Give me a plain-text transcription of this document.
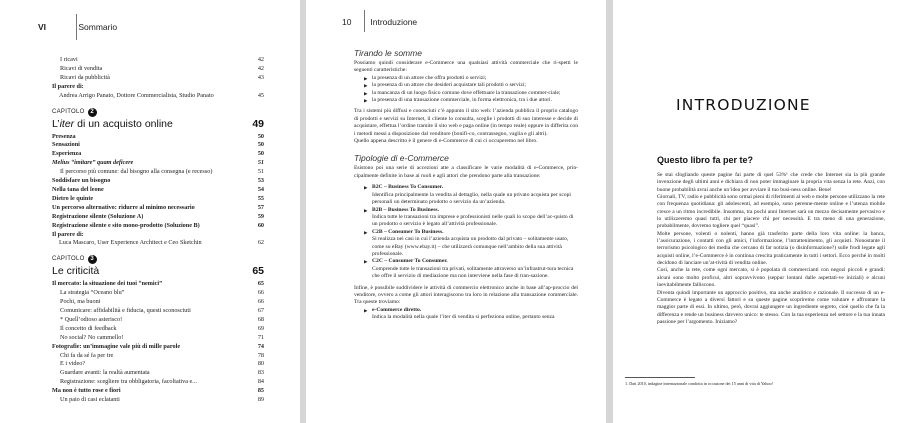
VI	Sommario
I ricavi	42
Ricavi di vendita	42
Ricavi da pubblicità	43
Il parere di:
Andrea Arrigo Panato, Dottore Commercialista, Studio Panato	45
CAPITOLO 2
L’iter di un acquisto online	49
Presenza	50
Sensazioni	50
Esperienza	50
Melius “imitare” quam deficere	51
Il percorso più comune: dal bisogno alla consegna (e recesso)	51
Soddisfare un bisogno	53
Nella tana del leone	54
Dietro le quinte	55
Un percorso alternativo: ridurre al minimo necessario	57
Registrazione silente (Soluzione A)	59
Registrazione silente e sito mono-prodotto (Soluzione B)	60
Il parere di:
Luca Mascaro, User Experience Architect e Ceo Sketchin	62
CAPITOLO 3
Le criticità	65
Il mercato: la situazione dei tuoi “nemici”	65
La strategia “Oceano blu”	66
Pochi, ma buoni	66
Comunicare: affidabilità e fiducia, questi sconosciuti	67
* Quell’odioso asterisco!	68
Il concetto di feedback	69
No social? No cammello!	71
Fotografie: un’immagine vale più di mille parole	74
Chi fa da sé fa per tre	78
E i video?	80
Guardare avanti: la realtà aumentata	83
Registrazione: scegliere tra obbligatoria, facoltativa e...	84
Ma non è tutto rose e fiori	85
Un paio di casi eclatanti	89
10 Introduzione
Tirando le somme

Possiamo quindi considerare e-Commerce una qualsiasi attività commerciale che ri-spetti le seguenti caratteristiche:

▶ la presenza di un attore che offra prodotti o servizi;
▶ la presenza di un attore che desideri acquistare tali prodotti o servizi;
▶ la mancanza di un luogo fisico comune dove effettuare la transazione commer-ciale;
▶ la presenza di una transazione commerciale, in forma elettronica, tra i due attori.

Tra i sistemi più diffusi e conosciuti c’è appunto il sito web: l’azienda pubblica il proprio catalogo di prodotti e servizi su Internet, il cliente lo consulta, sceglie i prodotti di suo interesse e decide di acquistare, effettua l’ordine tramite il sito web e paga online (in tempo reale) oppure in differita con i metodi messi a disposizione dal venditore (bonifi-co, contrassegno, vaglia e gli altri).

Quello appena descritto è il genere di e-Commerce di cui ci occuperemo nel libro.

Tipologie di e-Commerce

Esistono poi una serie di accezioni atte a classificare le varie modalità di e-Commerce, prin-cipalmente definite in base ai ruoli e agli attori che prendono parte alla transazione:

▶ B2C – Business To Consumer.
Identifica principalmente la vendita al dettaglio, nella quale un privato acquista per scopi personali un determinato prodotto o servizio da un’azienda.
▶ B2B – Business To Business.
Indica tutte le transazioni tra imprese e professionisti nelle quali lo scopo dell’ac-quisto di un prodotto o servizio è legato all’attività professionale.
▶ C2B – Consumer To Business.
Si realizza nei casi in cui l’azienda acquista un prodotto dal privato – solitamente usato, come su eBay (www.ebay.it) – che utilizzerà comunque nell’ambito della sua attività professionale.
▶ C2C – Consumer To Consumer.
Comprende tutte le transazioni tra privati, solitamente attraverso un’infrastrut-tura tecnica che offre il servizio di mediazione ma non interviene nella fase di tran-sazione.

Infine, è possibile suddividere le attività di commercio elettronico anche in base all’ap-proccio del venditore, ovvero a come gli attori interagiscono tra loro in relazione alla transazione commerciale. Tra queste troviamo:

▶ e-Commerce diretto.
Indica la modalità nella quale l’iter di vendita si perfeziona online, pertanto senza
INTRODUZIONE
Questo libro fa per te?

Se stai sfogliando queste pagine fai parte di quel 53%¹ che crede che Internet sia la più grande invenzione degli ultimi anni e dichiara di non poter immaginare la propria vita senza la rete. Anzi, con buone probabilità avrai anche un’idea per avviare il tuo busi-ness online. Bene!

Giornali, TV, radio e pubblicità sono ormai pieni di riferimenti al web e molte persone utilizzano la rete con frequenza quotidiana: gli adolescenti, ad esempio, sono perenne-mente online e l’utenza mobile cresce a un ritmo incredibile. Insomma, tra pochi anni Internet sarà un mezzo decisamente pervasivo e lo utilizzeremo quasi tutti, chi per piacere chi per necessità. E tra meno di una generazione, probabilmente, dovremo togliere quel “quasi”.

Molte persone, volenti o nolenti, hanno già trasferito parte della loro vita online: la banca, l’assicurazione, i contatti con gli amici, l’informazione, l’intrattenimento, gli acquisti. Nonostante il terrorismo psicologico dei media che cercano di far notizia (o disinformazione?) sulle frodi legate agli acquisti online, l’e-Commerce è in continua crescita praticamente in tutti i settori. Ecco perché in molti decidono di lanciare un’at-tività di vendita online.

Così, anche la rete, come ogni mercato, si è popolata di commercianti con negozi piccoli e grandi: alcuni sono molto proficui, altri sopravvivono (seppur lontani dalle aspettati-ve iniziali) e alcuni inevitabilmente falliscono.

Diventa quindi importante un approccio positivo, ma anche analitico e razionale. Il successo di un e-Commerce è legato a diversi fattori e su queste pagine scopriremo come valutare e affrontare la maggior parte di essi. In ultimo, però, dovrai aggiungere un ingrediente segreto, cioè quello che fa la differenza e rende un business davvero unico: te stesso. Con la tua esperienza nel settore e la tua innata passione per l’argomento. Iniziamo?

1. Dati 2010, indagine internazionale condotta in occasione dei 15 anni di vita di Yahoo!
